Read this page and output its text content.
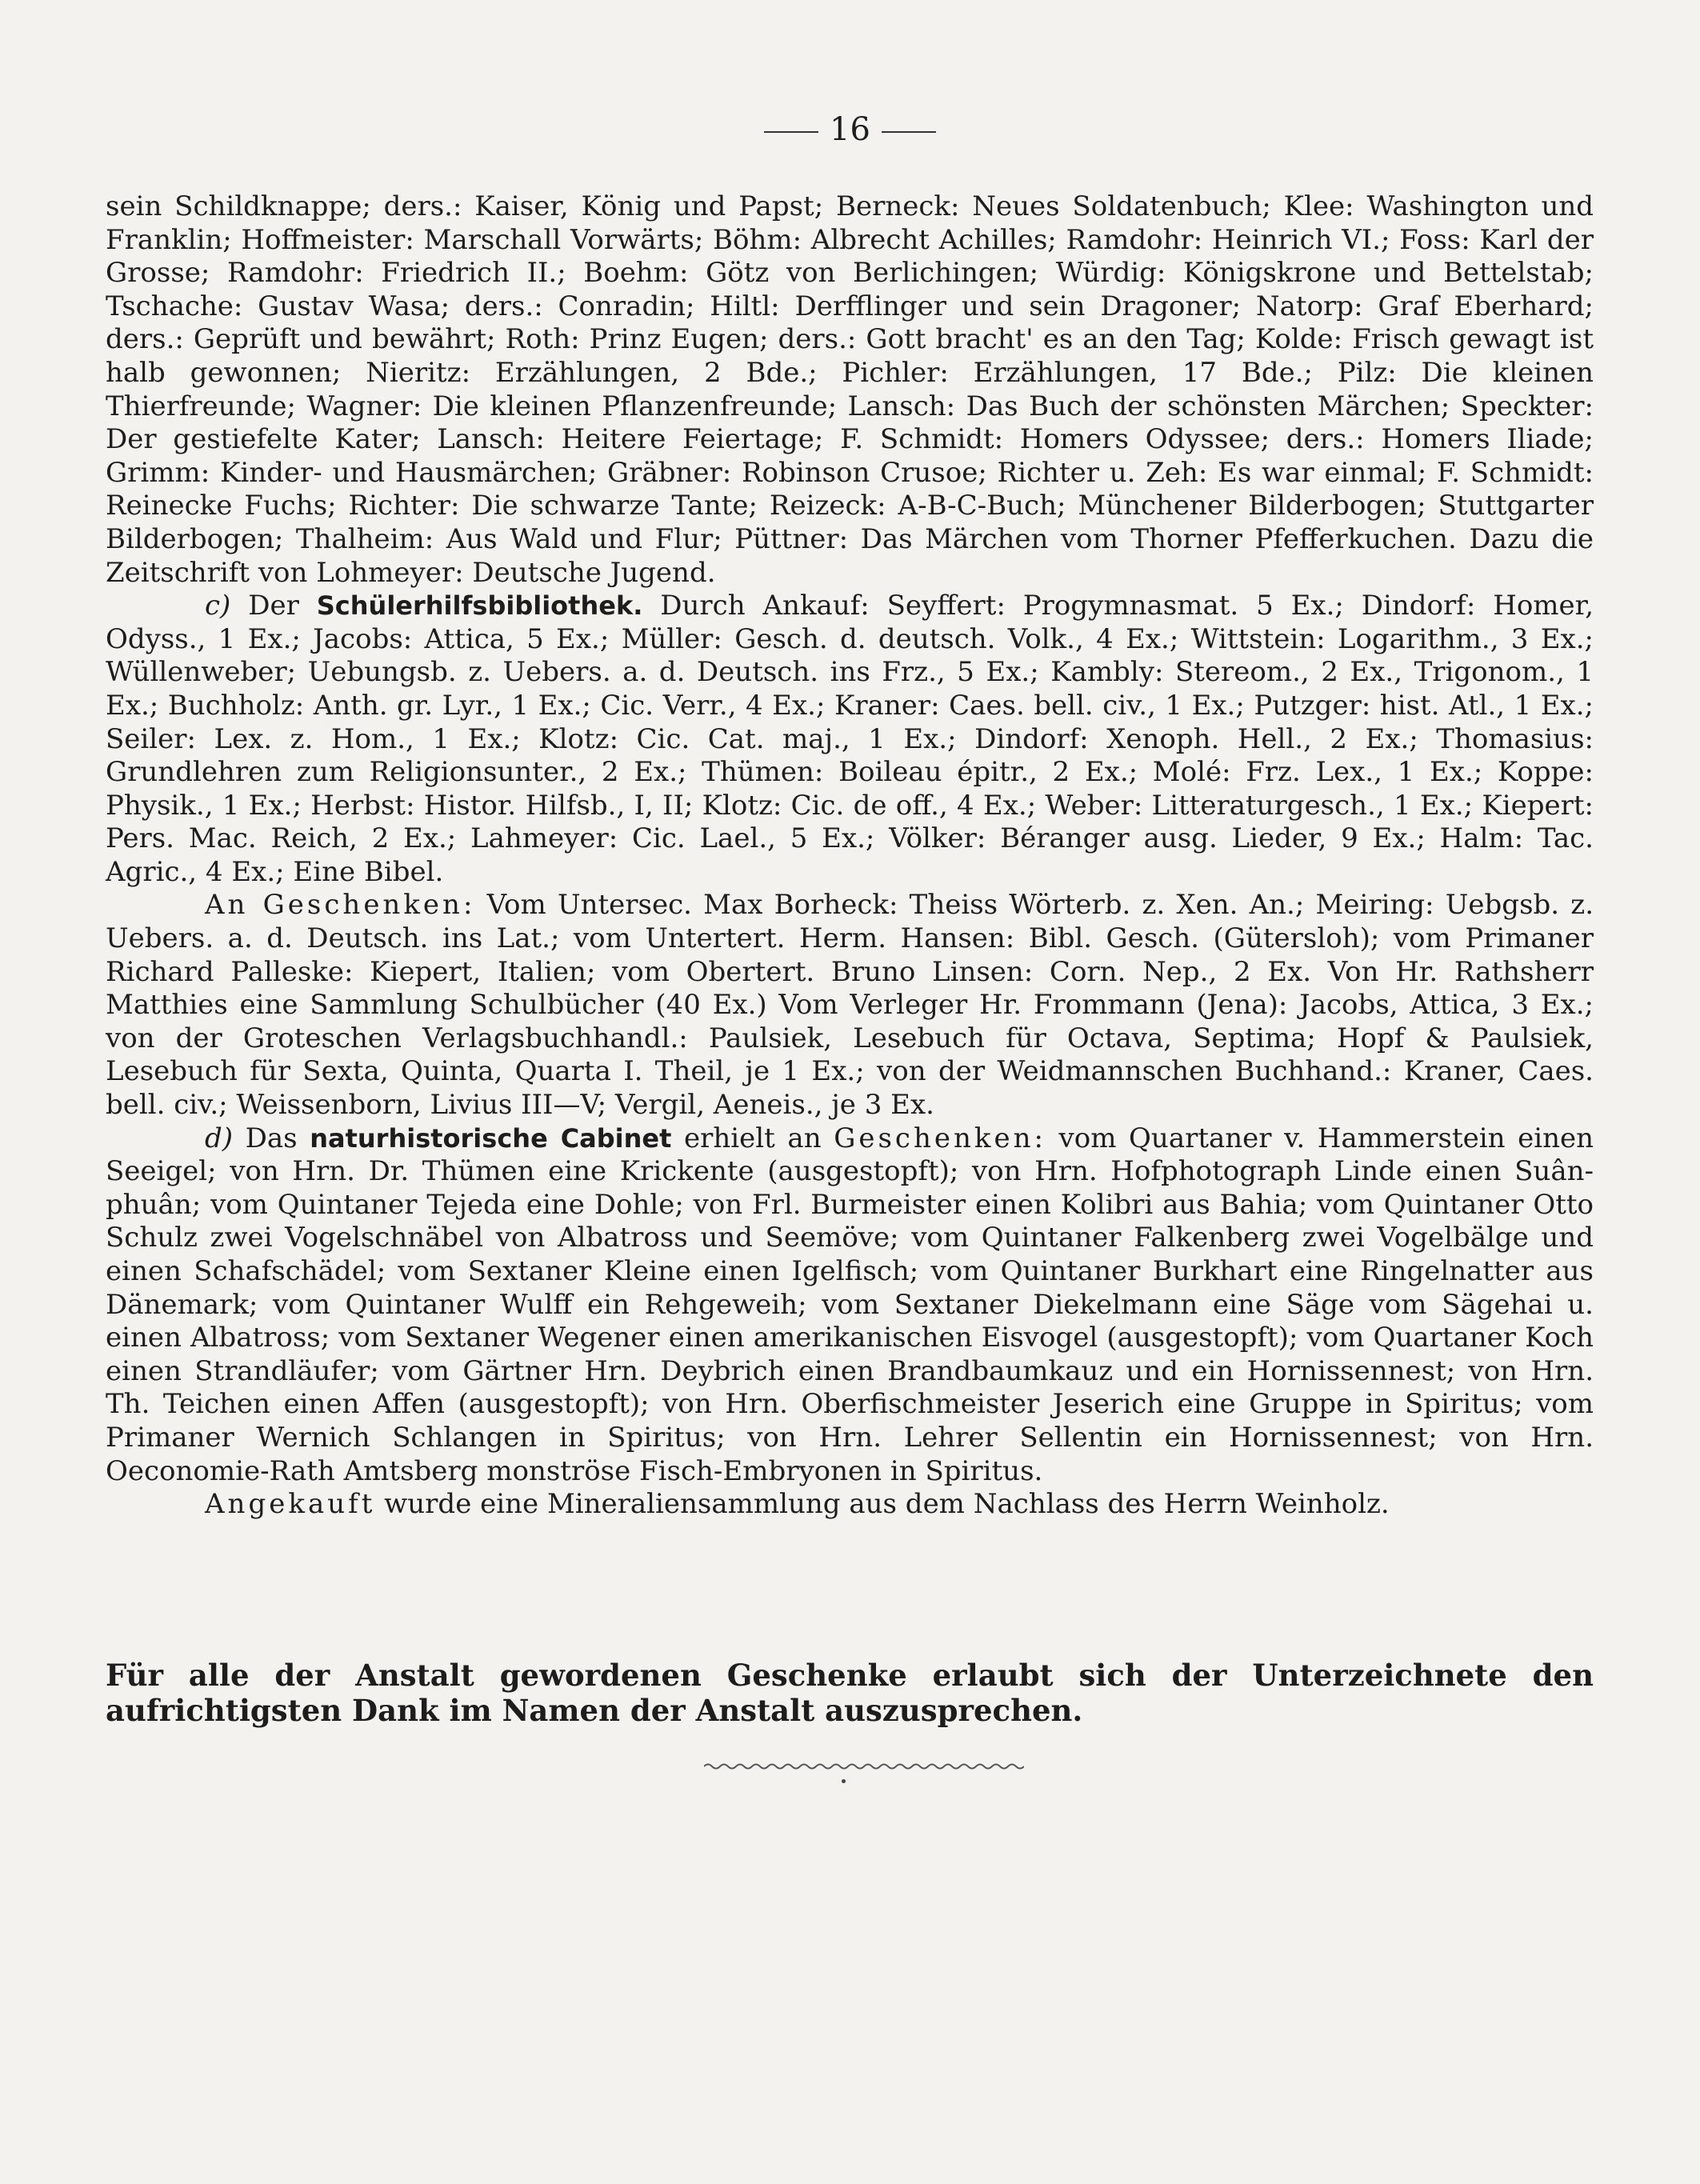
16

sein Schildknappe; ders.: Kaiser, König und Papst; Berneck: Neues Soldatenbuch; Klee: Washington und Franklin; Hoffmeister: Marschall Vorwärts; Böhm: Albrecht Achilles; Ramdohr: Heinrich VI.; Foss: Karl der Grosse; Ramdohr: Friedrich II.; Boehm: Götz von Berlichingen; Würdig: Königskrone und Bettelstab; Tschache: Gustav Wasa; ders.: Conradin; Hiltl: Derfflinger und sein Dragoner; Natorp: Graf Eberhard; ders.: Geprüft und bewährt; Roth: Prinz Eugen; ders.: Gott bracht' es an den Tag; Kolde: Frisch gewagt ist halb gewonnen; Nieritz: Erzählungen, 2 Bde.; Pichler: Erzählungen, 17 Bde.; Pilz: Die kleinen Thierfreunde; Wagner: Die kleinen Pflanzenfreunde; Lansch: Das Buch der schönsten Märchen; Speckter: Der gestiefelte Kater; Lansch: Heitere Feiertage; F. Schmidt: Homers Odyssee; ders.: Homers Iliade; Grimm: Kinder- und Hausmärchen; Gräbner: Robinson Crusoe; Richter u. Zeh: Es war einmal; F. Schmidt: Reinecke Fuchs; Richter: Die schwarze Tante; Reizeck: A-B-C-Buch; Münchener Bilderbogen; Stuttgarter Bilderbogen; Thalheim: Aus Wald und Flur; Püttner: Das Märchen vom Thorner Pfefferkuchen. Dazu die Zeitschrift von Lohmeyer: Deutsche Jugend.

c) Der Schülerhilfsbibliothek. Durch Ankauf: Seyffert: Progymnasmat. 5 Ex.; Dindorf: Homer, Odyss., 1 Ex.; Jacobs: Attica, 5 Ex.; Müller: Gesch. d. deutsch. Volk., 4 Ex.; Wittstein: Logarithm., 3 Ex.; Wüllenweber; Uebungsb. z. Uebers. a. d. Deutsch. ins Frz., 5 Ex.; Kambly: Stereom., 2 Ex., Trigonom., 1 Ex.; Buchholz: Anth. gr. Lyr., 1 Ex.; Cic. Verr., 4 Ex.; Kraner: Caes. bell. civ., 1 Ex.; Putzger: hist. Atl., 1 Ex.; Seiler: Lex. z. Hom., 1 Ex.; Klotz: Cic. Cat. maj., 1 Ex.; Dindorf: Xenoph. Hell., 2 Ex.; Thomasius: Grundlehren zum Religionsunter., 2 Ex.; Thümen: Boileau épitr., 2 Ex.; Molé: Frz. Lex., 1 Ex.; Koppe: Physik., 1 Ex.; Herbst: Histor. Hilfsb., I, II; Klotz: Cic. de off., 4 Ex.; Weber: Litteraturgesch., 1 Ex.; Kiepert: Pers. Mac. Reich, 2 Ex.; Lahmeyer: Cic. Lael., 5 Ex.; Völker: Béranger ausg. Lieder, 9 Ex.; Halm: Tac. Agric., 4 Ex.; Eine Bibel.

An Geschenken: Vom Untersec. Max Borheck: Theiss Wörterb. z. Xen. An.; Meiring: Uebgsb. z. Uebers. a. d. Deutsch. ins Lat.; vom Untertert. Herm. Hansen: Bibl. Gesch. (Gütersloh); vom Primaner Richard Palleske: Kiepert, Italien; vom Obertert. Bruno Linsen: Corn. Nep., 2 Ex. Von Hr. Rathsherr Matthies eine Sammlung Schulbücher (40 Ex.) Vom Verleger Hr. Frommann (Jena): Jacobs, Attica, 3 Ex.; von der Groteschen Verlagsbuchhandl.: Paulsiek, Lesebuch für Octava, Septima; Hopf & Paulsiek, Lesebuch für Sexta, Quinta, Quarta I. Theil, je 1 Ex.; von der Weidmannschen Buchhand.: Kraner, Caes. bell. civ.; Weissenborn, Livius III—V; Vergil, Aeneis., je 3 Ex.

d) Das naturhistorische Cabinet erhielt an Geschenken: vom Quartaner v. Hammerstein einen Seeigel; von Hrn. Dr. Thümen eine Krickente (ausgestopft); von Hrn. Hofphotograph Linde einen Suân-phuân; vom Quintaner Tejeda eine Dohle; von Frl. Burmeister einen Kolibri aus Bahia; vom Quintaner Otto Schulz zwei Vogelschnäbel von Albatross und Seemöve; vom Quintaner Falkenberg zwei Vogelbälge und einen Schafschädel; vom Sextaner Kleine einen Igelfisch; vom Quintaner Burkhart eine Ringelnatter aus Dänemark; vom Quintaner Wulff ein Rehgeweih; vom Sextaner Diekelmann eine Säge vom Sägehai u. einen Albatross; vom Sextaner Wegener einen amerikanischen Eisvogel (ausgestopft); vom Quartaner Koch einen Strandläufer; vom Gärtner Hrn. Deybrich einen Brandbaumkauz und ein Hornissennest; von Hrn. Th. Teichen einen Affen (ausgestopft); von Hrn. Oberfischmeister Jeserich eine Gruppe in Spiritus; vom Primaner Wernich Schlangen in Spiritus; von Hrn. Lehrer Sellentin ein Hornissennest; von Hrn. Oeconomie-Rath Amtsberg monströse Fisch-Embryonen in Spiritus.

Angekauft wurde eine Mineraliensammlung aus dem Nachlass des Herrn Weinholz.

Für alle der Anstalt gewordenen Geschenke erlaubt sich der Unterzeichnete den aufrichtigsten Dank im Namen der Anstalt auszusprechen.
